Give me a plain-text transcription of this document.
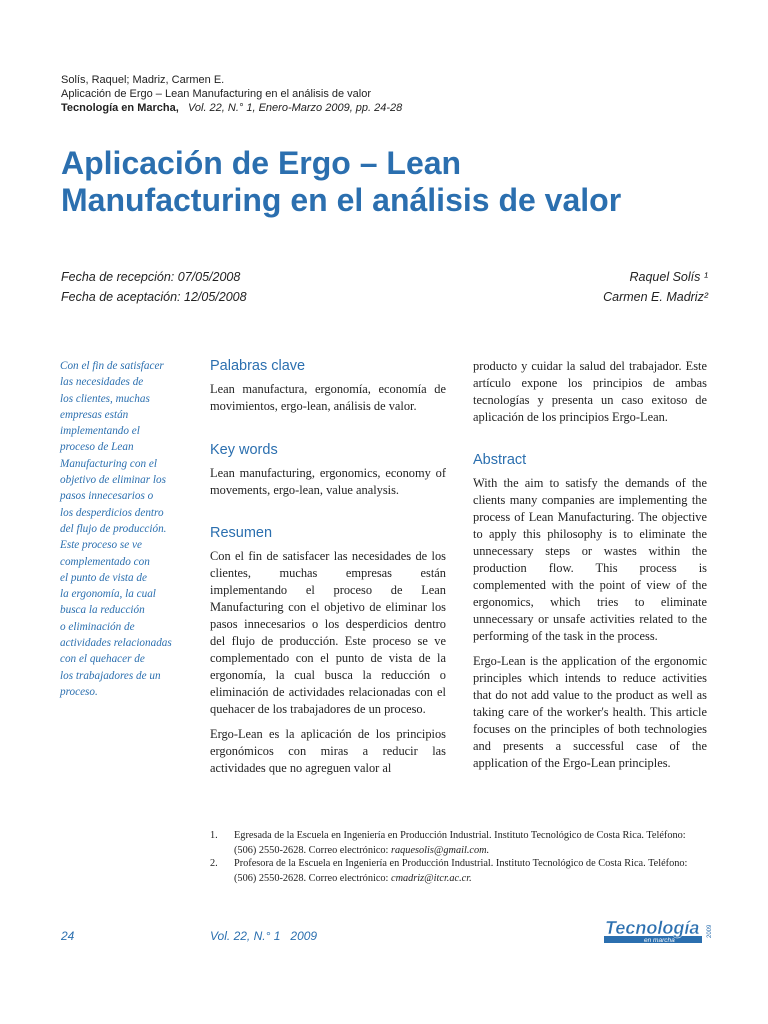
Solís, Raquel; Madriz, Carmen E.
Aplicación de Ergo – Lean Manufacturing en el análisis de valor
Tecnología en Marcha, Vol. 22, N.° 1, Enero-Marzo 2009, pp. 24-28
Aplicación de Ergo – Lean
Manufacturing en el análisis de valor
Fecha de recepción: 07/05/2008
Fecha de aceptación: 12/05/2008
Raquel Solís ¹
Carmen E. Madriz²
Con el fin de satisfacer
las necesidades de
los clientes, muchas
empresas están
implementando el
proceso de Lean
Manufacturing con el
objetivo de eliminar los
pasos innecesarios o
los desperdicios dentro
del flujo de producción.
Este proceso se ve
complementado con
el punto de vista de
la ergonomía, la cual
busca la reducción
o eliminación de
actividades relacionadas
con el quehacer de
los trabajadores de un
proceso.
Palabras clave

Lean manufactura, ergonomía, economía de movimientos, ergo-lean, análisis de valor.

Key words

Lean manufacturing, ergonomics, economy of movements, ergo-lean, value analysis.

Resumen

Con el fin de satisfacer las necesidades de los clientes, muchas empresas están implementando el proceso de Lean Manufacturing con el objetivo de eliminar los pasos innecesarios o los desperdicios dentro del flujo de producción. Este proceso se ve complementado con el punto de vista de la ergonomía, la cual busca la reducción o eliminación de actividades relacionadas con el quehacer de los trabajadores de un proceso.

Ergo-Lean es la aplicación de los principios ergonómicos con miras a reducir las actividades que no agreguen valor al

producto y cuidar la salud del trabajador. Este artículo expone los principios de ambas tecnologías y presenta un caso exitoso de aplicación de los principios Ergo-Lean.

Abstract

With the aim to satisfy the demands of the clients many companies are implementing the process of Lean Manufacturing. The objective to apply this philosophy is to eliminate the unnecessary steps or wastes within the production flow. This process is complemented with the point of view of the ergonomics, which tries to eliminate unnecessary or unsafe activities related to the performing of the task in the process.

Ergo-Lean is the application of the ergonomic principles which intends to reduce activities that do not add value to the product as well as taking care of the worker's health. This article focuses on the principles of both technologies and presents a successful case of the application of the Ergo-Lean principles.

1. Egresada de la Escuela en Ingeniería en Producción Industrial. Instituto Tecnológico de Costa Rica. Teléfono: (506) 2550-2628. Correo electrónico: raquesolis@gmail.com.
2. Profesora de la Escuela en Ingeniería en Producción Industrial. Instituto Tecnológico de Costa Rica. Teléfono: (506) 2550-2628. Correo electrónico: cmadriz@itcr.ac.cr.
24	Vol. 22, N.° 1   2009	Tecnología
en marcha
2009
